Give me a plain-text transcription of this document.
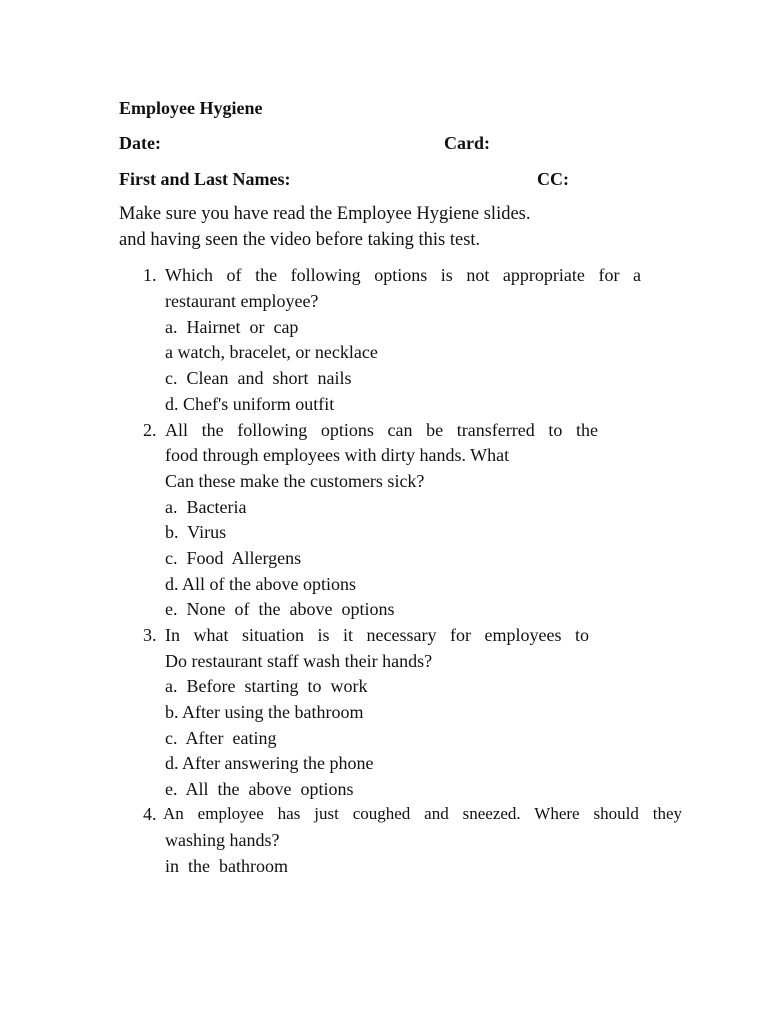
Employee Hygiene
Date:	Card:
First and Last Names:	CC:
Make sure you have read the Employee Hygiene slides.
and having seen the video before taking this test.
1. Which of the following options is not appropriate for a
restaurant employee?
a.  Hairnet  or  cap
a watch, bracelet, or necklace
c.  Clean  and  short  nails
d. Chef's uniform outfit
2. All the following options can be transferred to the
food through employees with dirty hands. What
Can these make the customers sick?
a.  Bacteria
b.  Virus
c.  Food  Allergens
d. All of the above options
e.  None  of  the  above  options
3. In what situation is it necessary for employees to
Do restaurant staff wash their hands?
a.  Before  starting  to  work
b. After using the bathroom
c.  After  eating
d. After answering the phone
e.  All  the  above  options
4. An employee has just coughed and sneezed. Where should they
washing hands?
in  the  bathroom
